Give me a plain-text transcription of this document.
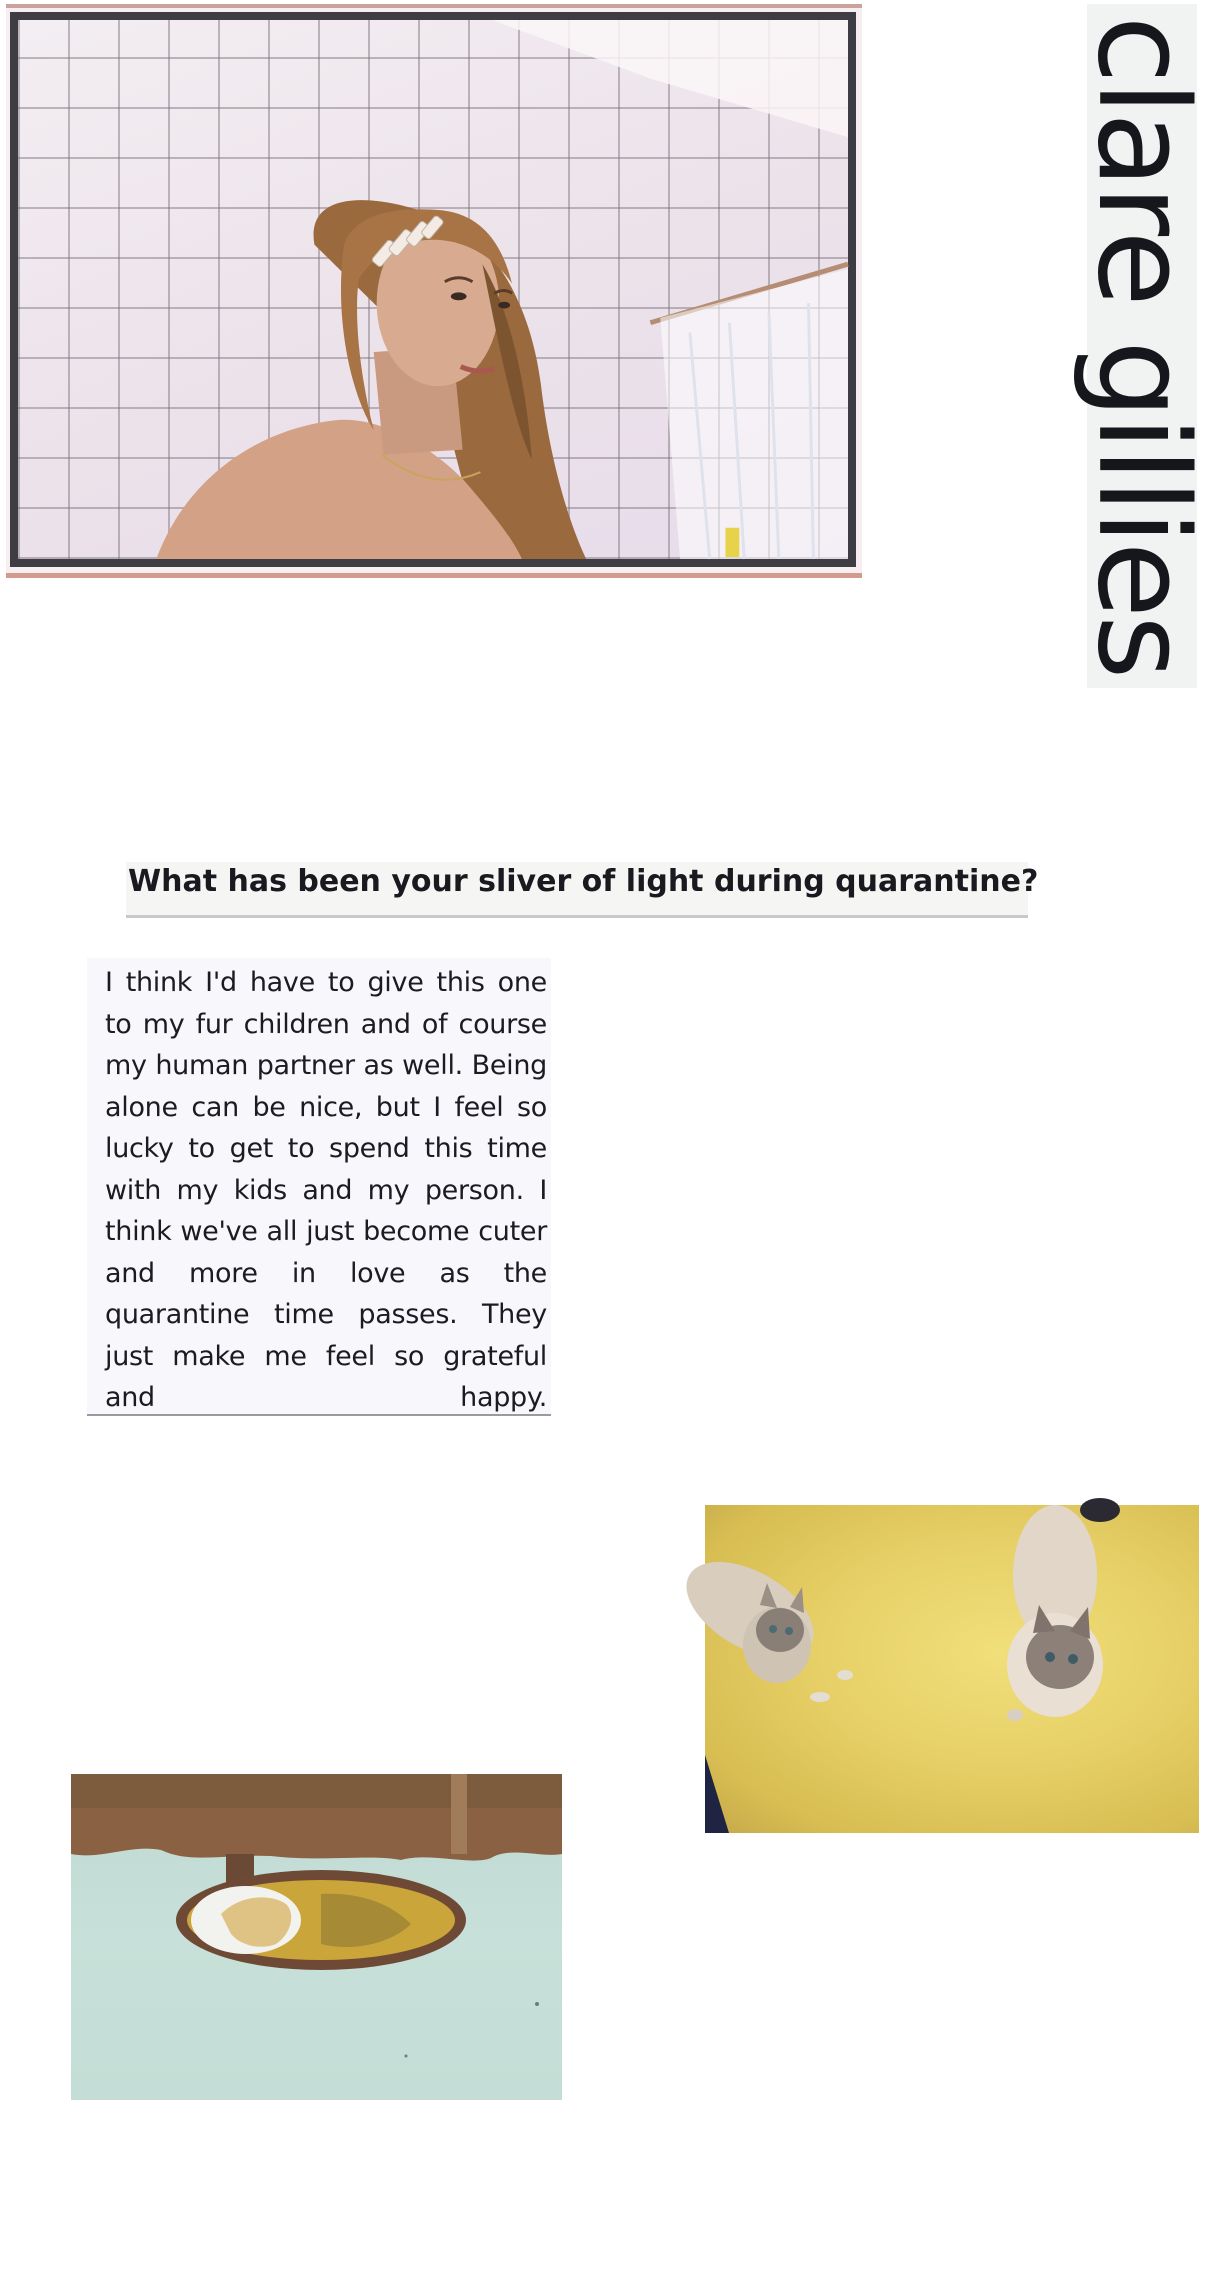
clare gillies
What has been your sliver of light during quarantine?

I think I'd have to give this one to my fur children and of course my human partner as well. Being alone can be nice, but I feel so lucky to get to spend this time with my kids and my person. I think we've all just become cuter and more in love as the quarantine time passes. They just make me feel so grateful and happy.
